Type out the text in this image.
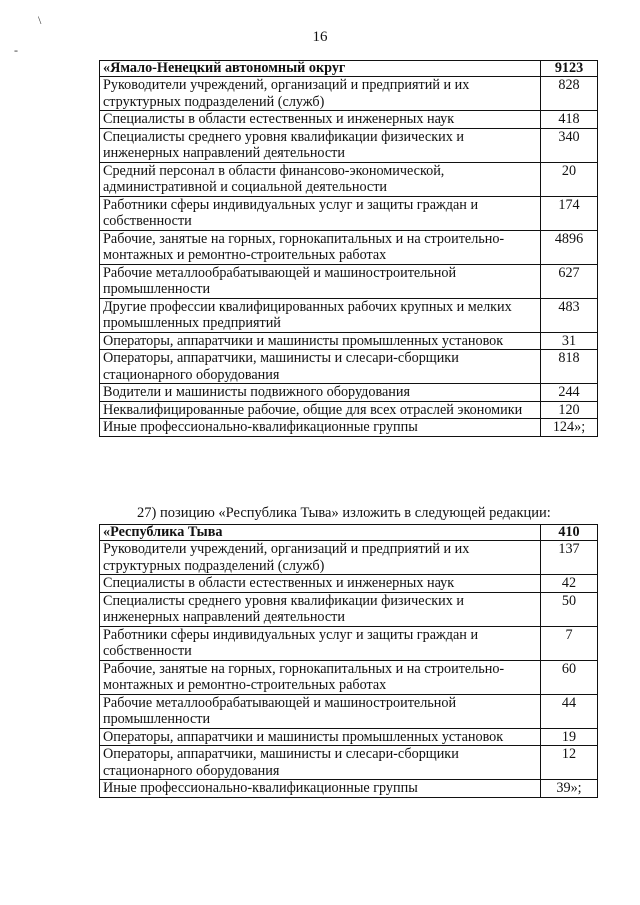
\
-
16
«Ямало-Ненецкий автономный округ	9123
Руководители учреждений, организаций и предприятий и их структурных подразделений (служб)	828
Специалисты в области естественных и инженерных наук	418
Специалисты среднего уровня квалификации физических и инженерных направлений деятельности	340
Средний персонал в области финансово-экономической, административной и социальной деятельности	20
Работники сферы индивидуальных услуг и защиты граждан и собственности	174
Рабочие, занятые на горных, горнокапитальных и на строительно-монтажных и ремонтно-строительных работах	4896
Рабочие металлообрабатывающей и машиностроительной промышленности	627
Другие профессии квалифицированных рабочих крупных и мелких промышленных предприятий	483
Операторы, аппаратчики и машинисты промышленных установок	31
Операторы, аппаратчики, машинисты и слесари-сборщики стационарного оборудования	818
Водители и машинисты подвижного оборудования	244
Неквалифицированные рабочие, общие для всех отраслей экономики	120
Иные профессионально-квалификационные группы	124»;
27) позицию «Республика Тыва» изложить в следующей редакции:
«Республика Тыва	410
Руководители учреждений, организаций и предприятий и их структурных подразделений (служб)	137
Специалисты в области естественных и инженерных наук	42
Специалисты среднего уровня квалификации физических и инженерных направлений деятельности	50
Работники сферы индивидуальных услуг и защиты граждан и собственности	7
Рабочие, занятые на горных, горнокапитальных и на строительно-монтажных и ремонтно-строительных работах	60
Рабочие металлообрабатывающей и машиностроительной промышленности	44
Операторы, аппаратчики и машинисты промышленных установок	19
Операторы, аппаратчики, машинисты и слесари-сборщики стационарного оборудования	12
Иные профессионально-квалификационные группы	39»;
